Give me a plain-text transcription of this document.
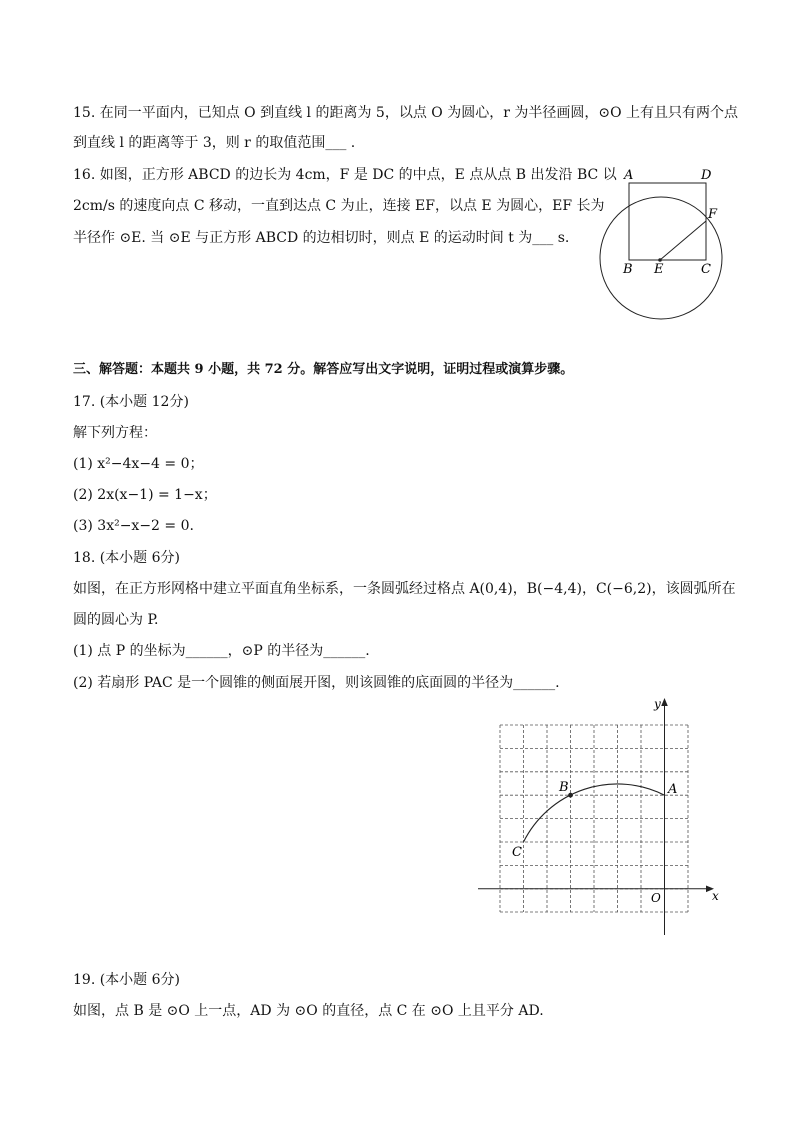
15. 在同一平面内，已知点 O 到直线 l 的距离为 5，以点 O 为圆心，r 为半径画圆，⊙O 上有且只有两个点
到直线 l 的距离等于 3，则 r 的取值范围___ .
16. 如图，正方形 ABCD 的边长为 4cm，F 是 DC 的中点，E 点从点 B 出发沿 BC 以
2cm/s 的速度向点 C 移动，一直到达点 C 为止，连接 EF，以点 E 为圆心，EF 长为
半径作 ⊙E. 当 ⊙E 与正方形 ABCD 的边相切时，则点 E 的运动时间 t 为___ s.
A	D
F
B E	C
三、解答题：本题共 9 小题，共 72 分。解答应写出文字说明，证明过程或演算步骤。
17. (本小题 12分)
解下列方程：
(1) x²−4x−4 = 0；
(2) 2x(x−1) = 1−x；
(3) 3x²−x−2 = 0.
18. (本小题 6分)
如图，在正方形网格中建立平面直角坐标系，一条圆弧经过格点 A(0,4)，B(−4,4)，C(−6,2)，该圆弧所在
圆的圆心为 P.
(1) 点 P 的坐标为______，⊙P 的半径为______.
(2) 若扇形 PAC 是一个圆锥的侧面展开图，则该圆锥的底面圆的半径为______.
y
x
O
A
B
C
19. (本小题 6分)
如图，点 B 是 ⊙O 上一点，AD 为 ⊙O 的直径，点 C 在 ⊙O 上且平分 AD.
